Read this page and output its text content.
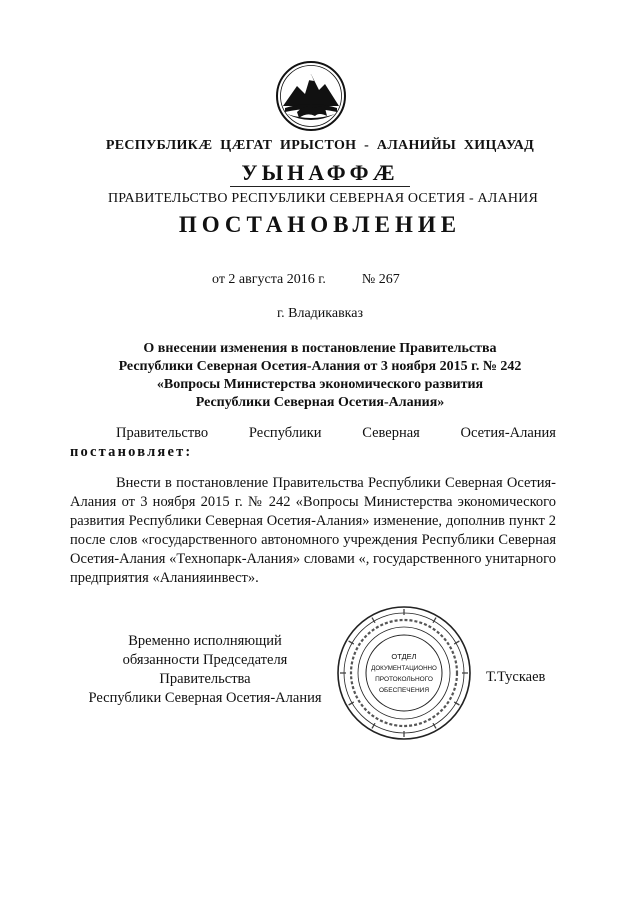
РЕСПУБЛИКӔ ЦӔГАТ ИРЫСТОН - АЛАНИЙЫ ХИЦАУАД
УЫНАФФӔ
ПРАВИТЕЛЬСТВО РЕСПУБЛИКИ СЕВЕРНАЯ ОСЕТИЯ - АЛАНИЯ
ПОСТАНОВЛЕНИЕ
от 2 августа 2016 г.	№ 267
г. Владикавказ
О внесении изменения в постановление Правительства
Республики Северная Осетия-Алания от 3 ноября 2015 г. № 242
«Вопросы Министерства экономического развития
Республики Северная Осетия-Алания»
Правительство	Республики	Северная	Осетия-Алания
постановляет:
Внести в постановление Правительства Республики Северная Осетия-Алания от 3 ноября 2015 г. № 242 «Вопросы Министерства экономического развития Республики Северная Осетия-Алания» изменение, дополнив пункт 2 после слов «государственного автономного учреждения Республики Северная Осетия-Алания «Технопарк-Алания» словами «, государственного унитарного предприятия «Аланияинвест».
Временно исполняющий
обязанности Председателя Правительства
Республики Северная Осетия-Алания
ОТДЕЛ
ДОКУМЕНТАЦИОННО
ПРОТОКОЛЬНОГО
ОБЕСПЕЧЕНИЯ
Т.Тускаев
